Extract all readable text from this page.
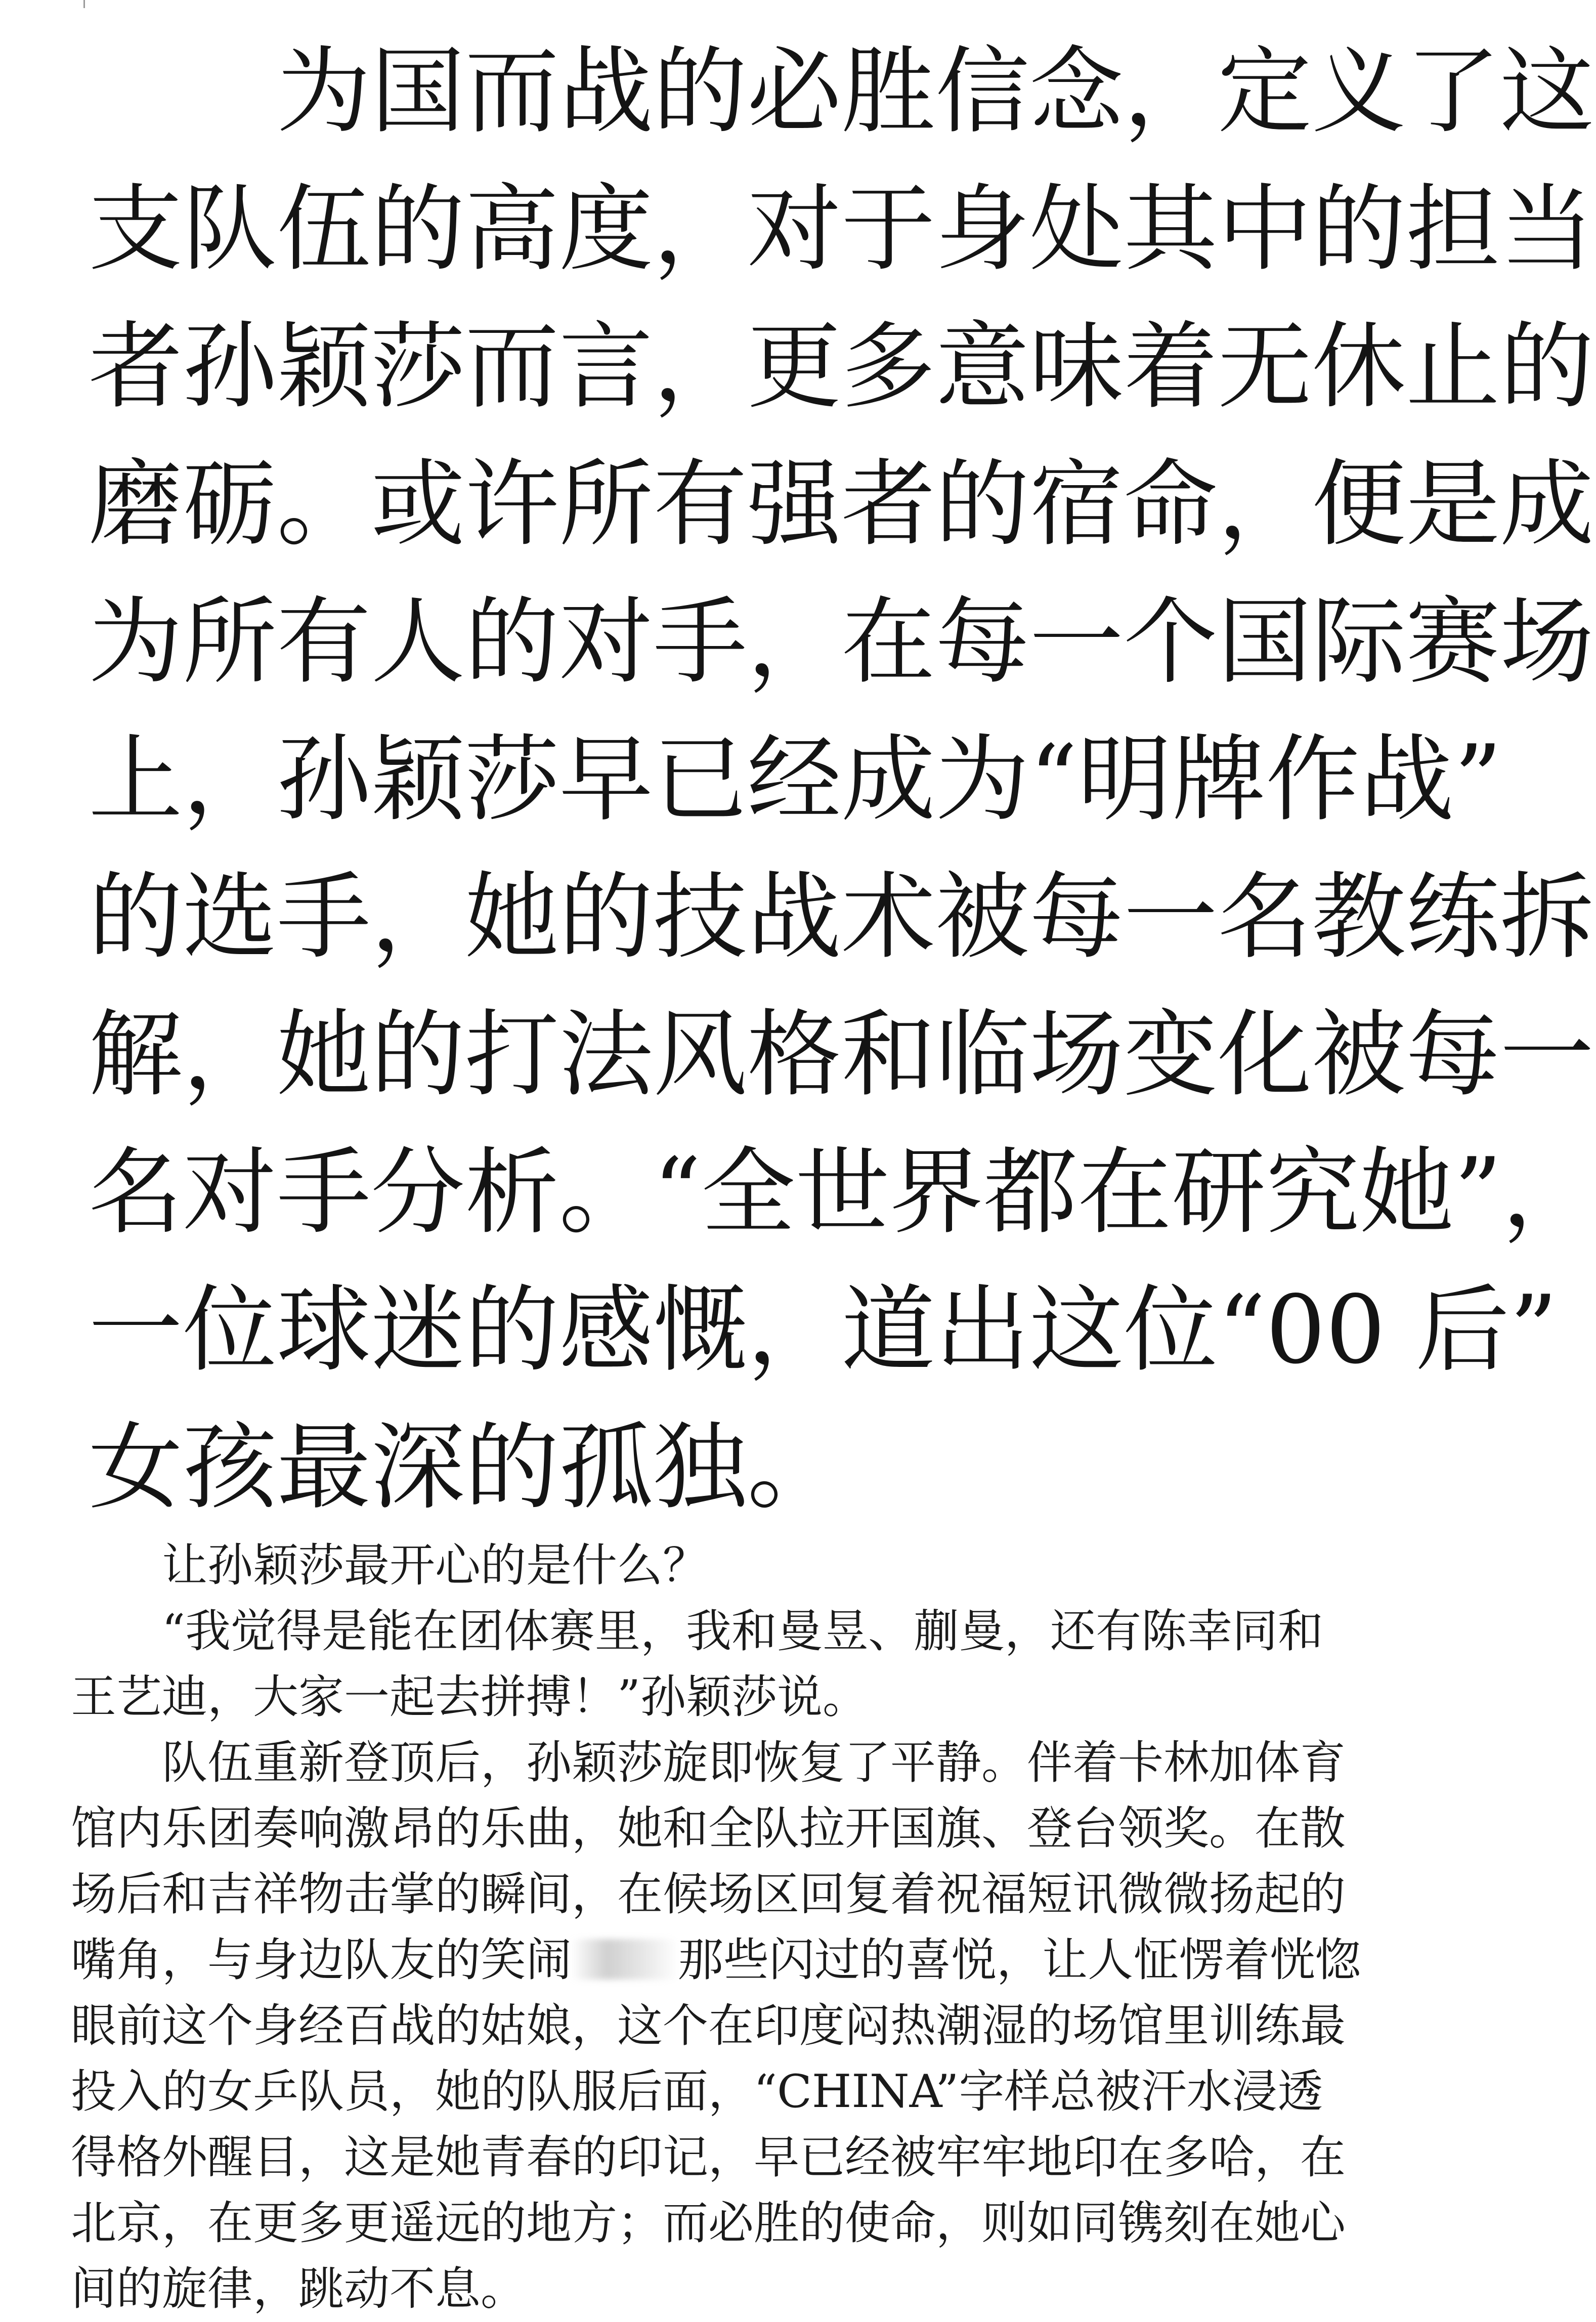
　　为国而战的必胜信念，定义了这
支队伍的高度，对于身处其中的担当
者孙颖莎而言，更多意味着无休止的
磨砺。或许所有强者的宿命，便是成
为所有人的对手，在每一个国际赛场
上，孙颖莎早已经成为“明牌作战”
的选手，她的技战术被每一名教练拆
解，她的打法风格和临场变化被每一
名对手分析。“全世界都在研究她”，
一位球迷的感慨，道出这位“00 后”
女孩最深的孤独。
　　让孙颖莎最开心的是什么？
　　“我觉得是能在团体赛里，我和曼昱、蒯曼，还有陈幸同和
王艺迪，大家一起去拼搏！”孙颖莎说。
　　队伍重新登顶后，孙颖莎旋即恢复了平静。伴着卡林加体育
馆内乐团奏响激昂的乐曲，她和全队拉开国旗、登台领奖。在散
场后和吉祥物击掌的瞬间，在候场区回复着祝福短讯微微扬起的
嘴角，与身边队友的笑闹 那些闪过的喜悦，让人怔愣着恍惚
眼前这个身经百战的姑娘，这个在印度闷热潮湿的场馆里训练最
投入的女乒队员，她的队服后面，“CHINA”字样总被汗水浸透
得格外醒目，这是她青春的印记，早已经被牢牢地印在多哈，在
北京，在更多更遥远的地方；而必胜的使命，则如同镌刻在她心
间的旋律，跳动不息。
